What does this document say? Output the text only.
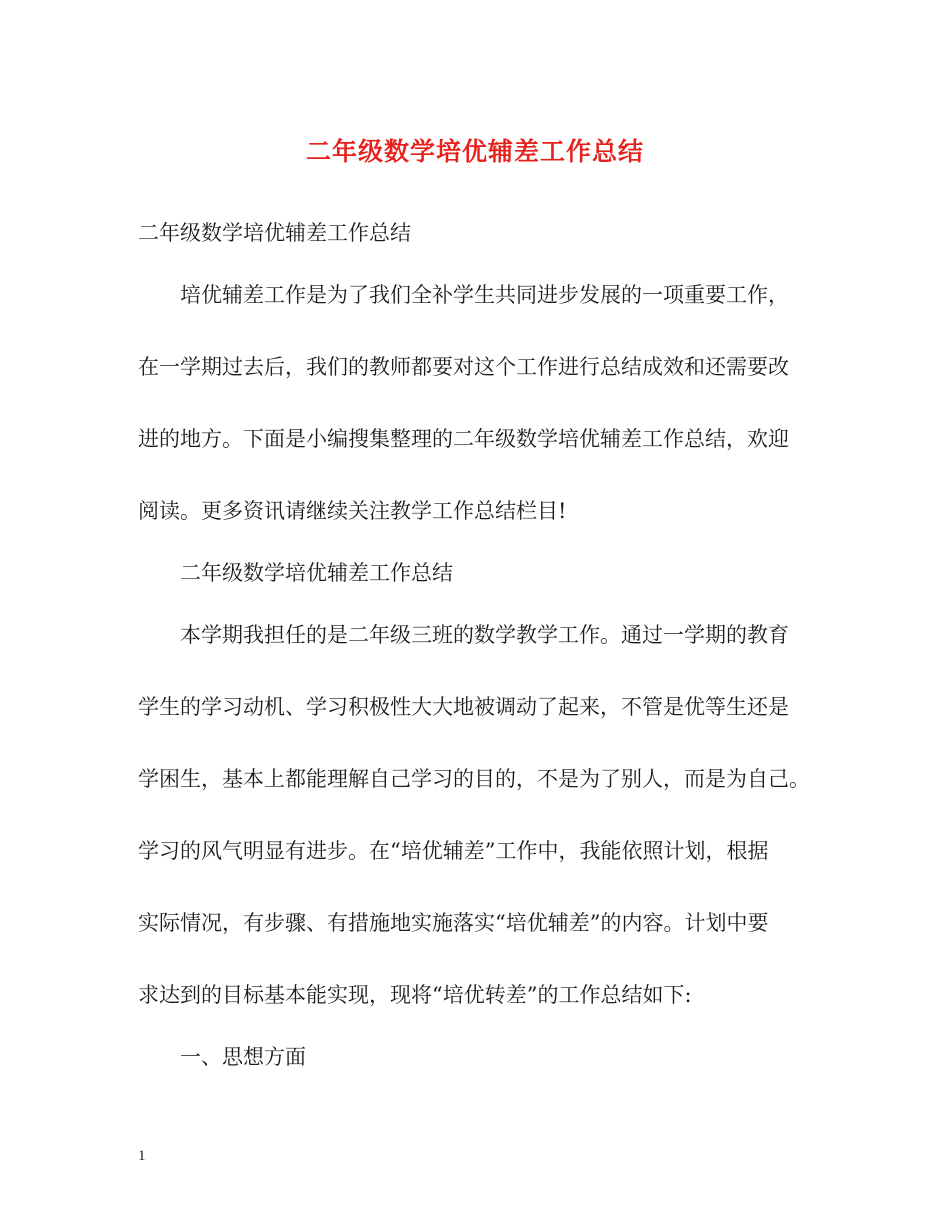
二年级数学培优辅差工作总结
二年级数学培优辅差工作总结
培优辅差工作是为了我们全补学生共同进步发展的一项重要工作，
在一学期过去后，我们的教师都要对这个工作进行总结成效和还需要改
进的地方。下面是小编搜集整理的二年级数学培优辅差工作总结，欢迎
阅读。更多资讯请继续关注教学工作总结栏目!
二年级数学培优辅差工作总结
本学期我担任的是二年级三班的数学教学工作。通过一学期的教育
学生的学习动机、学习积极性大大地被调动了起来，不管是优等生还是
学困生，基本上都能理解自己学习的目的，不是为了别人，而是为自己。
学习的风气明显有进步。在“培优辅差”工作中，我能依照计划，根据
实际情况，有步骤、有措施地实施落实“培优辅差”的内容。计划中要
求达到的目标基本能实现，现将“培优转差”的工作总结如下:
一、思想方面
1
